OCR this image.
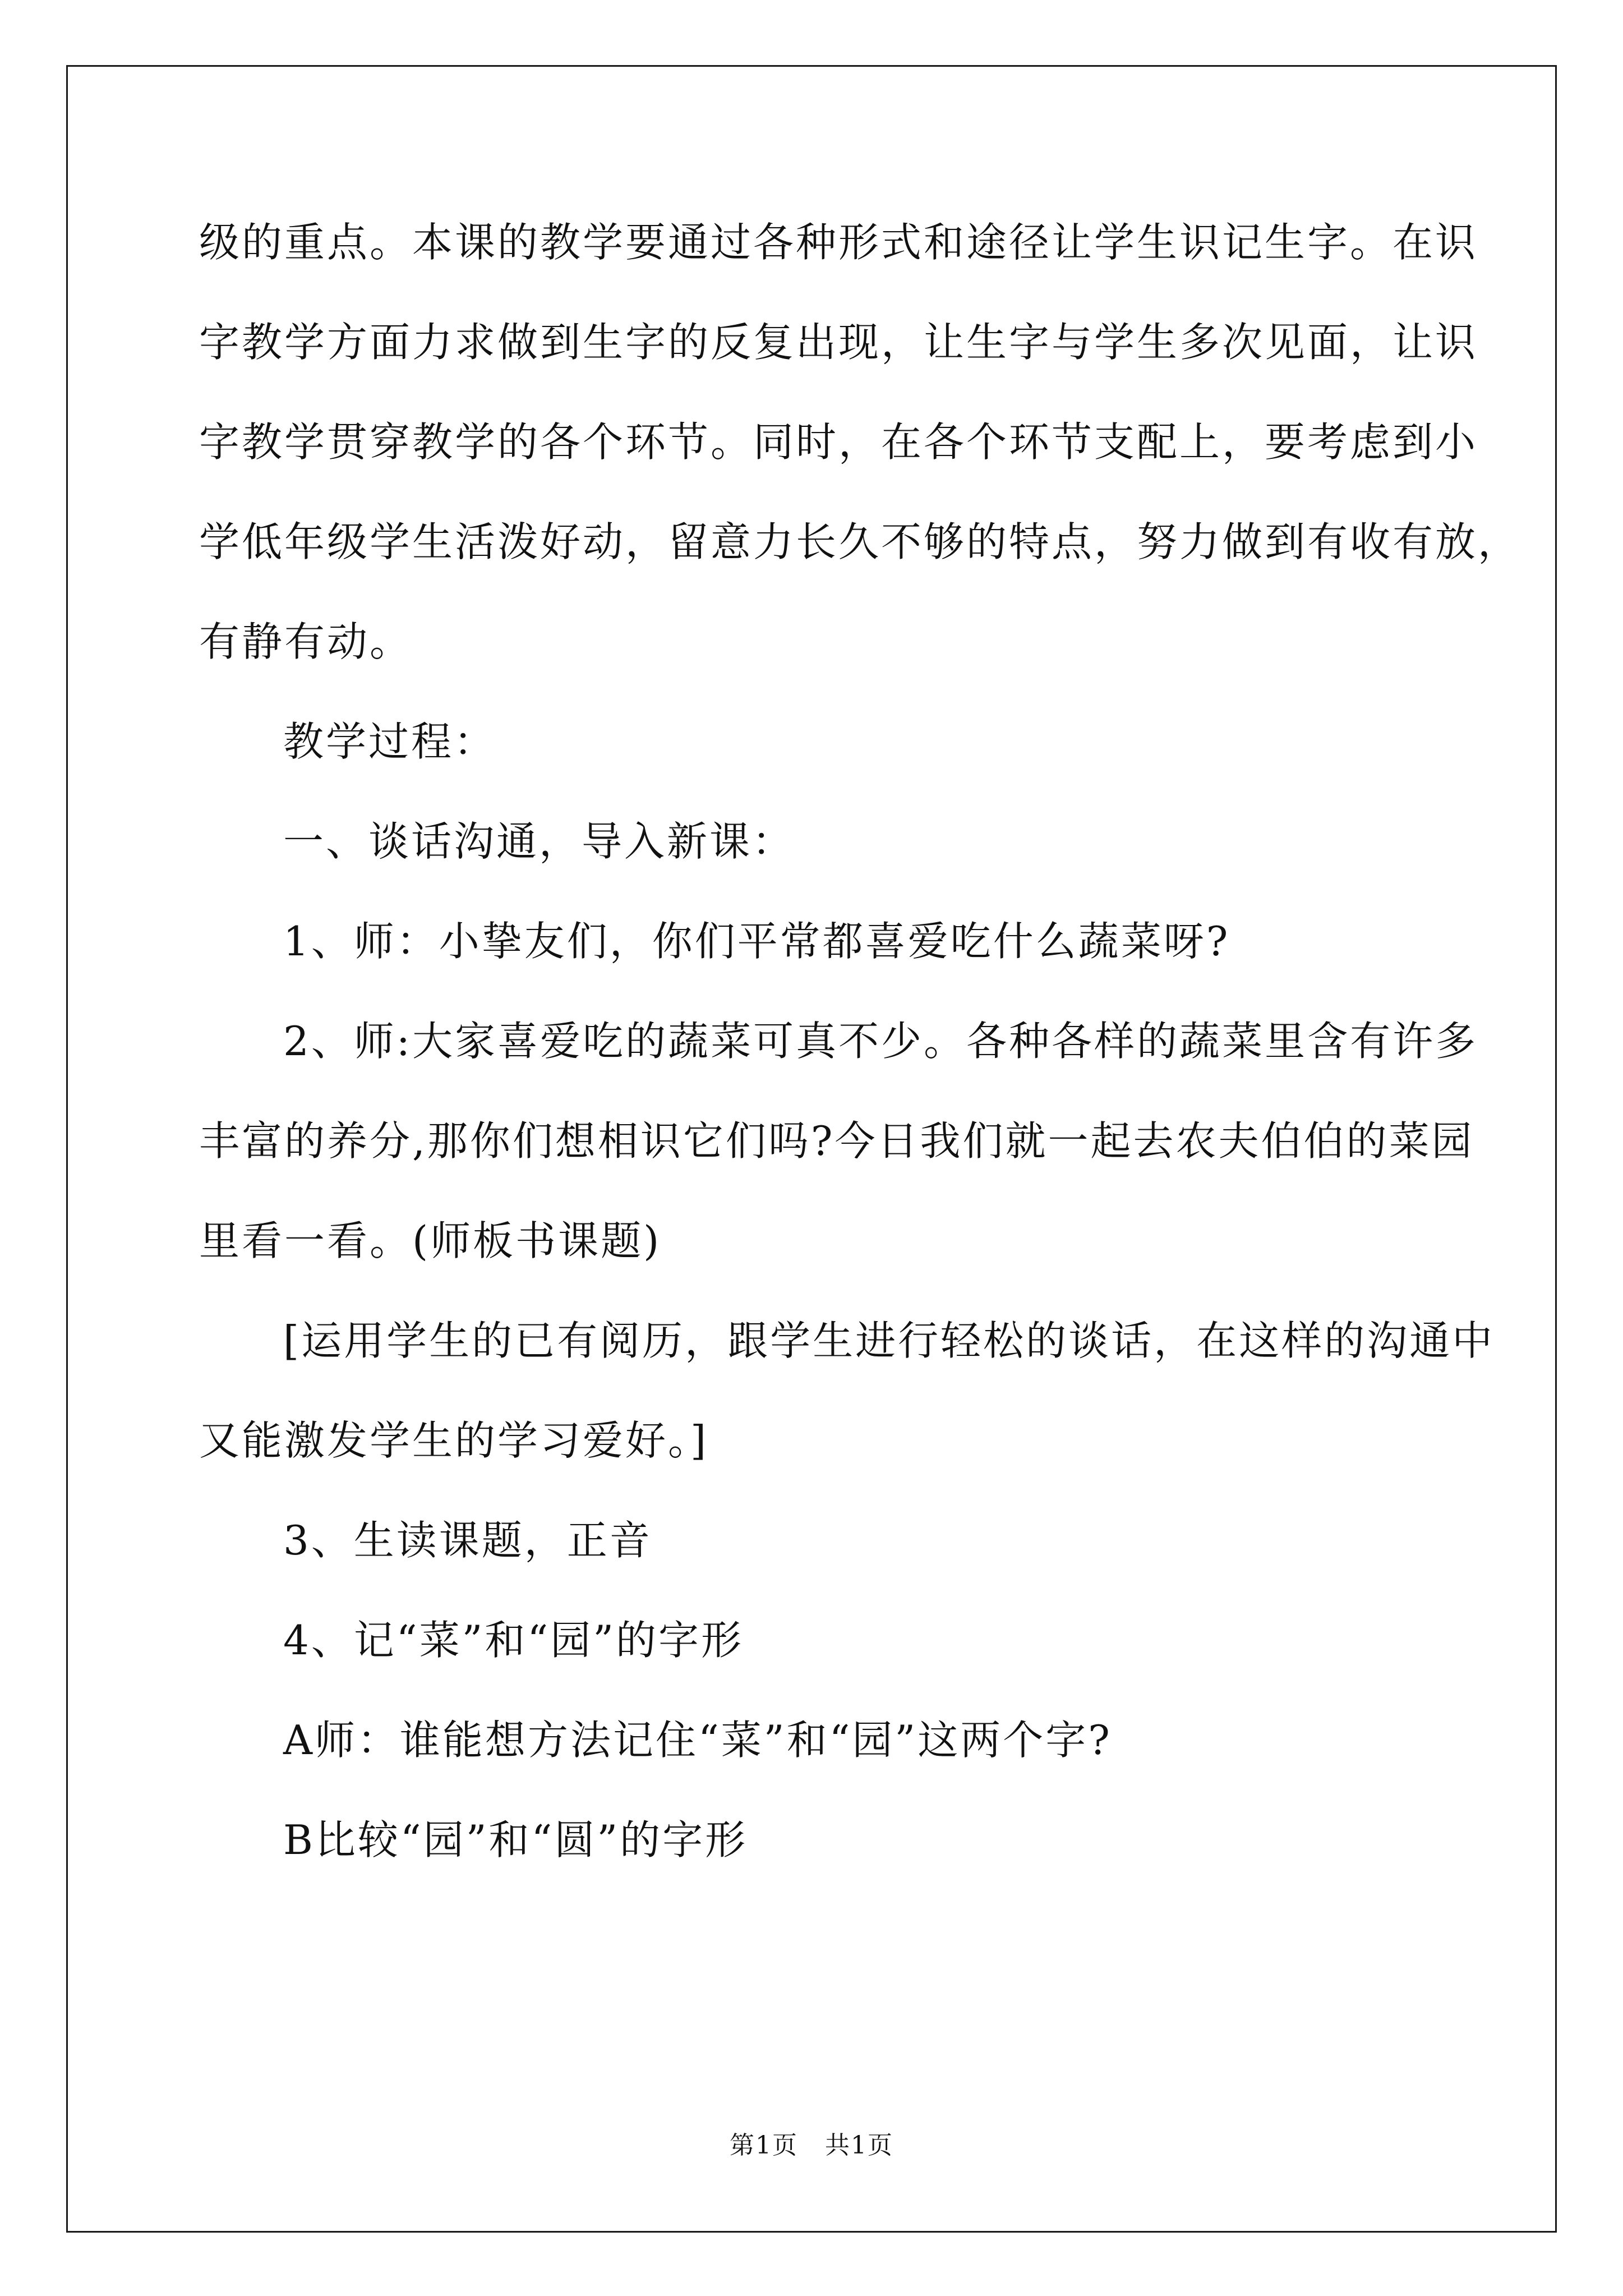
级的重点。本课的教学要通过各种形式和途径让学生识记生字。在识
字教学方面力求做到生字的反复出现，让生字与学生多次见面，让识
字教学贯穿教学的各个环节。同时，在各个环节支配上，要考虑到小
学低年级学生活泼好动，留意力长久不够的特点，努力做到有收有放，
有静有动。
教学过程：
一、谈话沟通，导入新课：
1、师：小挚友们，你们平常都喜爱吃什么蔬菜呀?
2、师:大家喜爱吃的蔬菜可真不少。各种各样的蔬菜里含有许多
丰富的养分,那你们想相识它们吗?今日我们就一起去农夫伯伯的菜园
里看一看。(师板书课题)
[运用学生的已有阅历，跟学生进行轻松的谈话，在这样的沟通中
又能激发学生的学习爱好。]
3、生读课题，正音
4、记“菜”和“园”的字形
A师：谁能想方法记住“菜”和“园”这两个字?
B比较“园”和“圆”的字形
第1页 共1页
